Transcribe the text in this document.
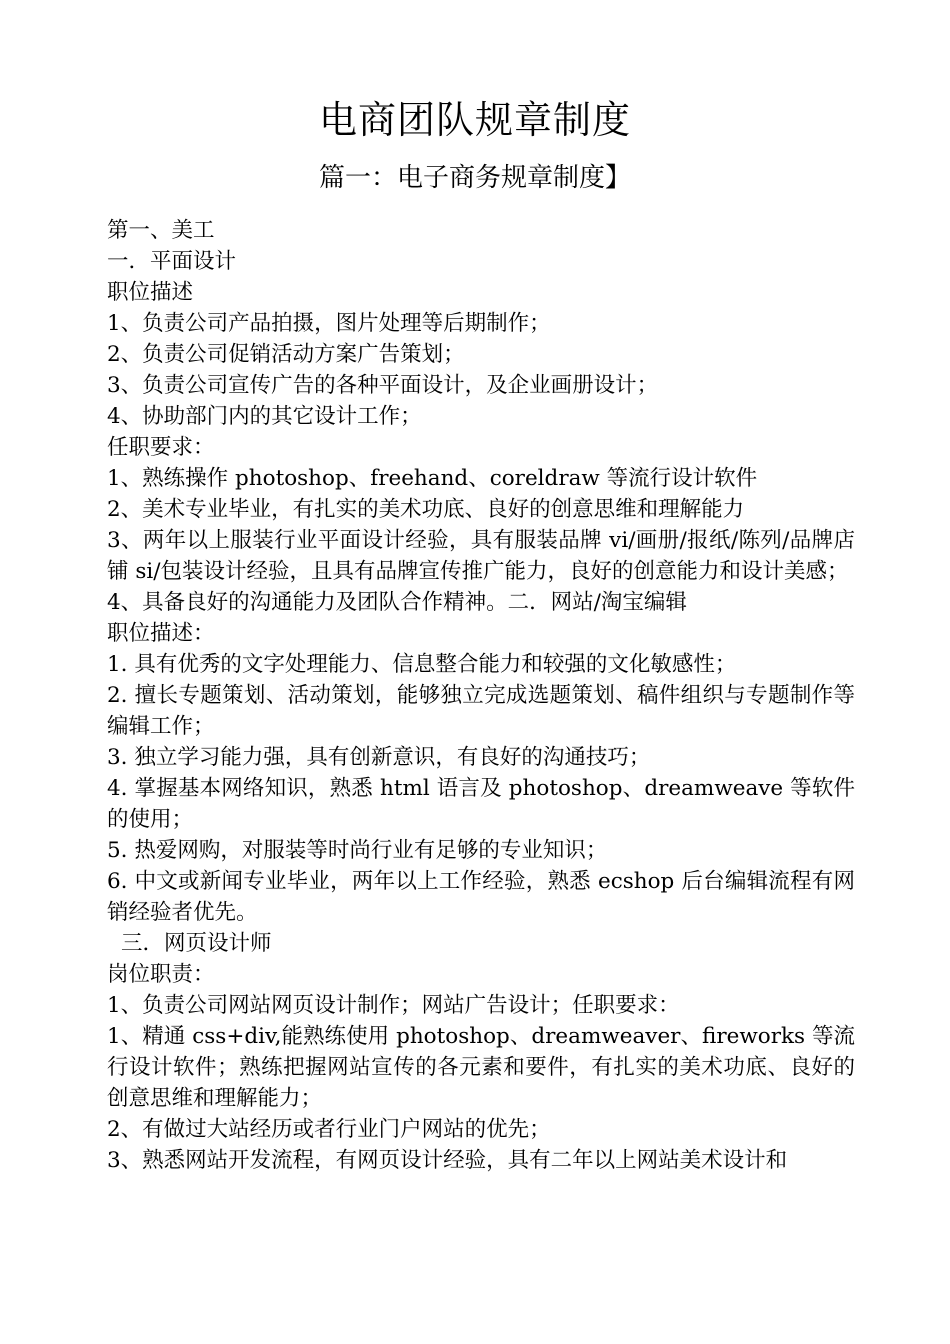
电商团队规章制度
篇一：电子商务规章制度】

第一、美工

一．平面设计

职位描述

1、负责公司产品拍摄，图片处理等后期制作；

2、负责公司促销活动方案广告策划；

3、负责公司宣传广告的各种平面设计，及企业画册设计；

4、协助部门内的其它设计工作；

任职要求：

1、熟练操作 photoshop、freehand、coreldraw 等流行设计软件

2、美术专业毕业，有扎实的美术功底、良好的创意思维和理解能力

3、两年以上服装行业平面设计经验，具有服装品牌 vi/画册/报纸/陈列/品牌店铺 si/包装设计经验，且具有品牌宣传推广能力，良好的创意能力和设计美感；

4、具备良好的沟通能力及团队合作精神。二．网站/淘宝编辑

职位描述：

1. 具有优秀的文字处理能力、信息整合能力和较强的文化敏感性；

2. 擅长专题策划、活动策划，能够独立完成选题策划、稿件组织与专题制作等编辑工作；

3. 独立学习能力强，具有创新意识，有良好的沟通技巧；

4. 掌握基本网络知识，熟悉 html 语言及 photoshop、dreamweave 等软件的使用；

5. 热爱网购，对服装等时尚行业有足够的专业知识；

6. 中文或新闻专业毕业，两年以上工作经验，熟悉 ecshop 后台编辑流程有网销经验者优先。

三．网页设计师

岗位职责：

1、负责公司网站网页设计制作；网站广告设计；任职要求：

1、精通 css+div,能熟练使用 photoshop、dreamweaver、fireworks 等流行设计软件；熟练把握网站宣传的各元素和要件，有扎实的美术功底、良好的创意思维和理解能力；

2、有做过大站经历或者行业门户网站的优先；

3、熟悉网站开发流程，有网页设计经验，具有二年以上网站美术设计和
